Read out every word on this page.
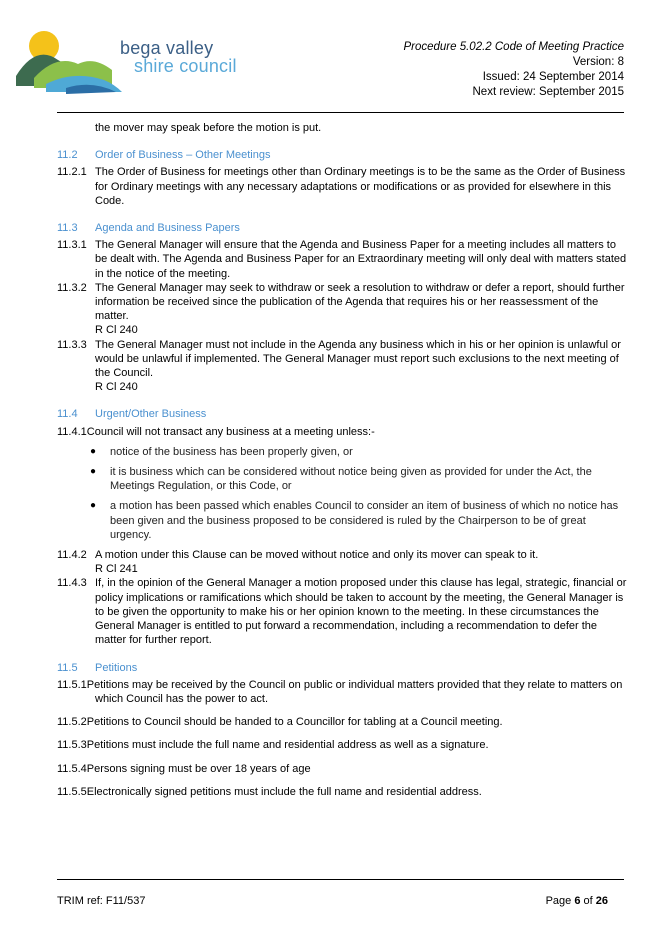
bega valley
shire council
Procedure 5.02.2 Code of Meeting Practice
Version: 8
Issued: 24 September 2014
Next review: September 2015

the mover may speak before the motion is put.

11.2	Order of Business – Other Meetings
11.2.1 The Order of Business for meetings other than Ordinary meetings is to be the same as the Order of Business for Ordinary meetings with any necessary adaptations or modifications or as provided for elsewhere in this Code.
11.3	Agenda and Business Papers
11.3.1 The General Manager will ensure that the Agenda and Business Paper for a meeting includes all matters to be dealt with. The Agenda and Business Paper for an Extraordinary meeting will only deal with matters stated in the notice of the meeting.
11.3.2 The General Manager may seek to withdraw or seek a resolution to withdraw or defer a report, should further information be received since the publication of the Agenda that requires his or her reassessment of the matter.
R Cl 240
11.3.3 The General Manager must not include in the Agenda any business which in his or her opinion is unlawful or would be unlawful if implemented. The General Manager must report such exclusions to the next meeting of the Council.
R Cl 240
11.4	Urgent/Other Business

11.4.1Council will not transact any business at a meeting unless:-

●	notice of the business has been properly given, or
●	it is business which can be considered without notice being given as provided for under the Act, the Meetings Regulation, or this Code, or
●	a motion has been passed which enables Council to consider an item of business of which no notice has been given and the business proposed to be considered is ruled by the Chairperson to be of great urgency.
11.4.2 A motion under this Clause can be moved without notice and only its mover can speak to it.
R Cl 241
11.4.3 If, in the opinion of the General Manager a motion proposed under this clause has legal, strategic, financial or policy implications or ramifications which should be taken to account by the meeting, the General Manager is to be given the opportunity to make his or her opinion known to the meeting. In these circumstances the General Manager is entitled to put forward a recommendation, including a recommendation to defer the matter for further report.
11.5	Petitions

11.5.1Petitions may be received by the Council on public or individual matters provided that they relate to matters on which Council has the power to act.

11.5.2Petitions to Council should be handed to a Councillor for tabling at a Council meeting.

11.5.3Petitions must include the full name and residential address as well as a signature.

11.5.4Persons signing must be over 18 years of age

11.5.5Electronically signed petitions must include the full name and residential address.

TRIM ref: F11/537	Page 6 of 26
